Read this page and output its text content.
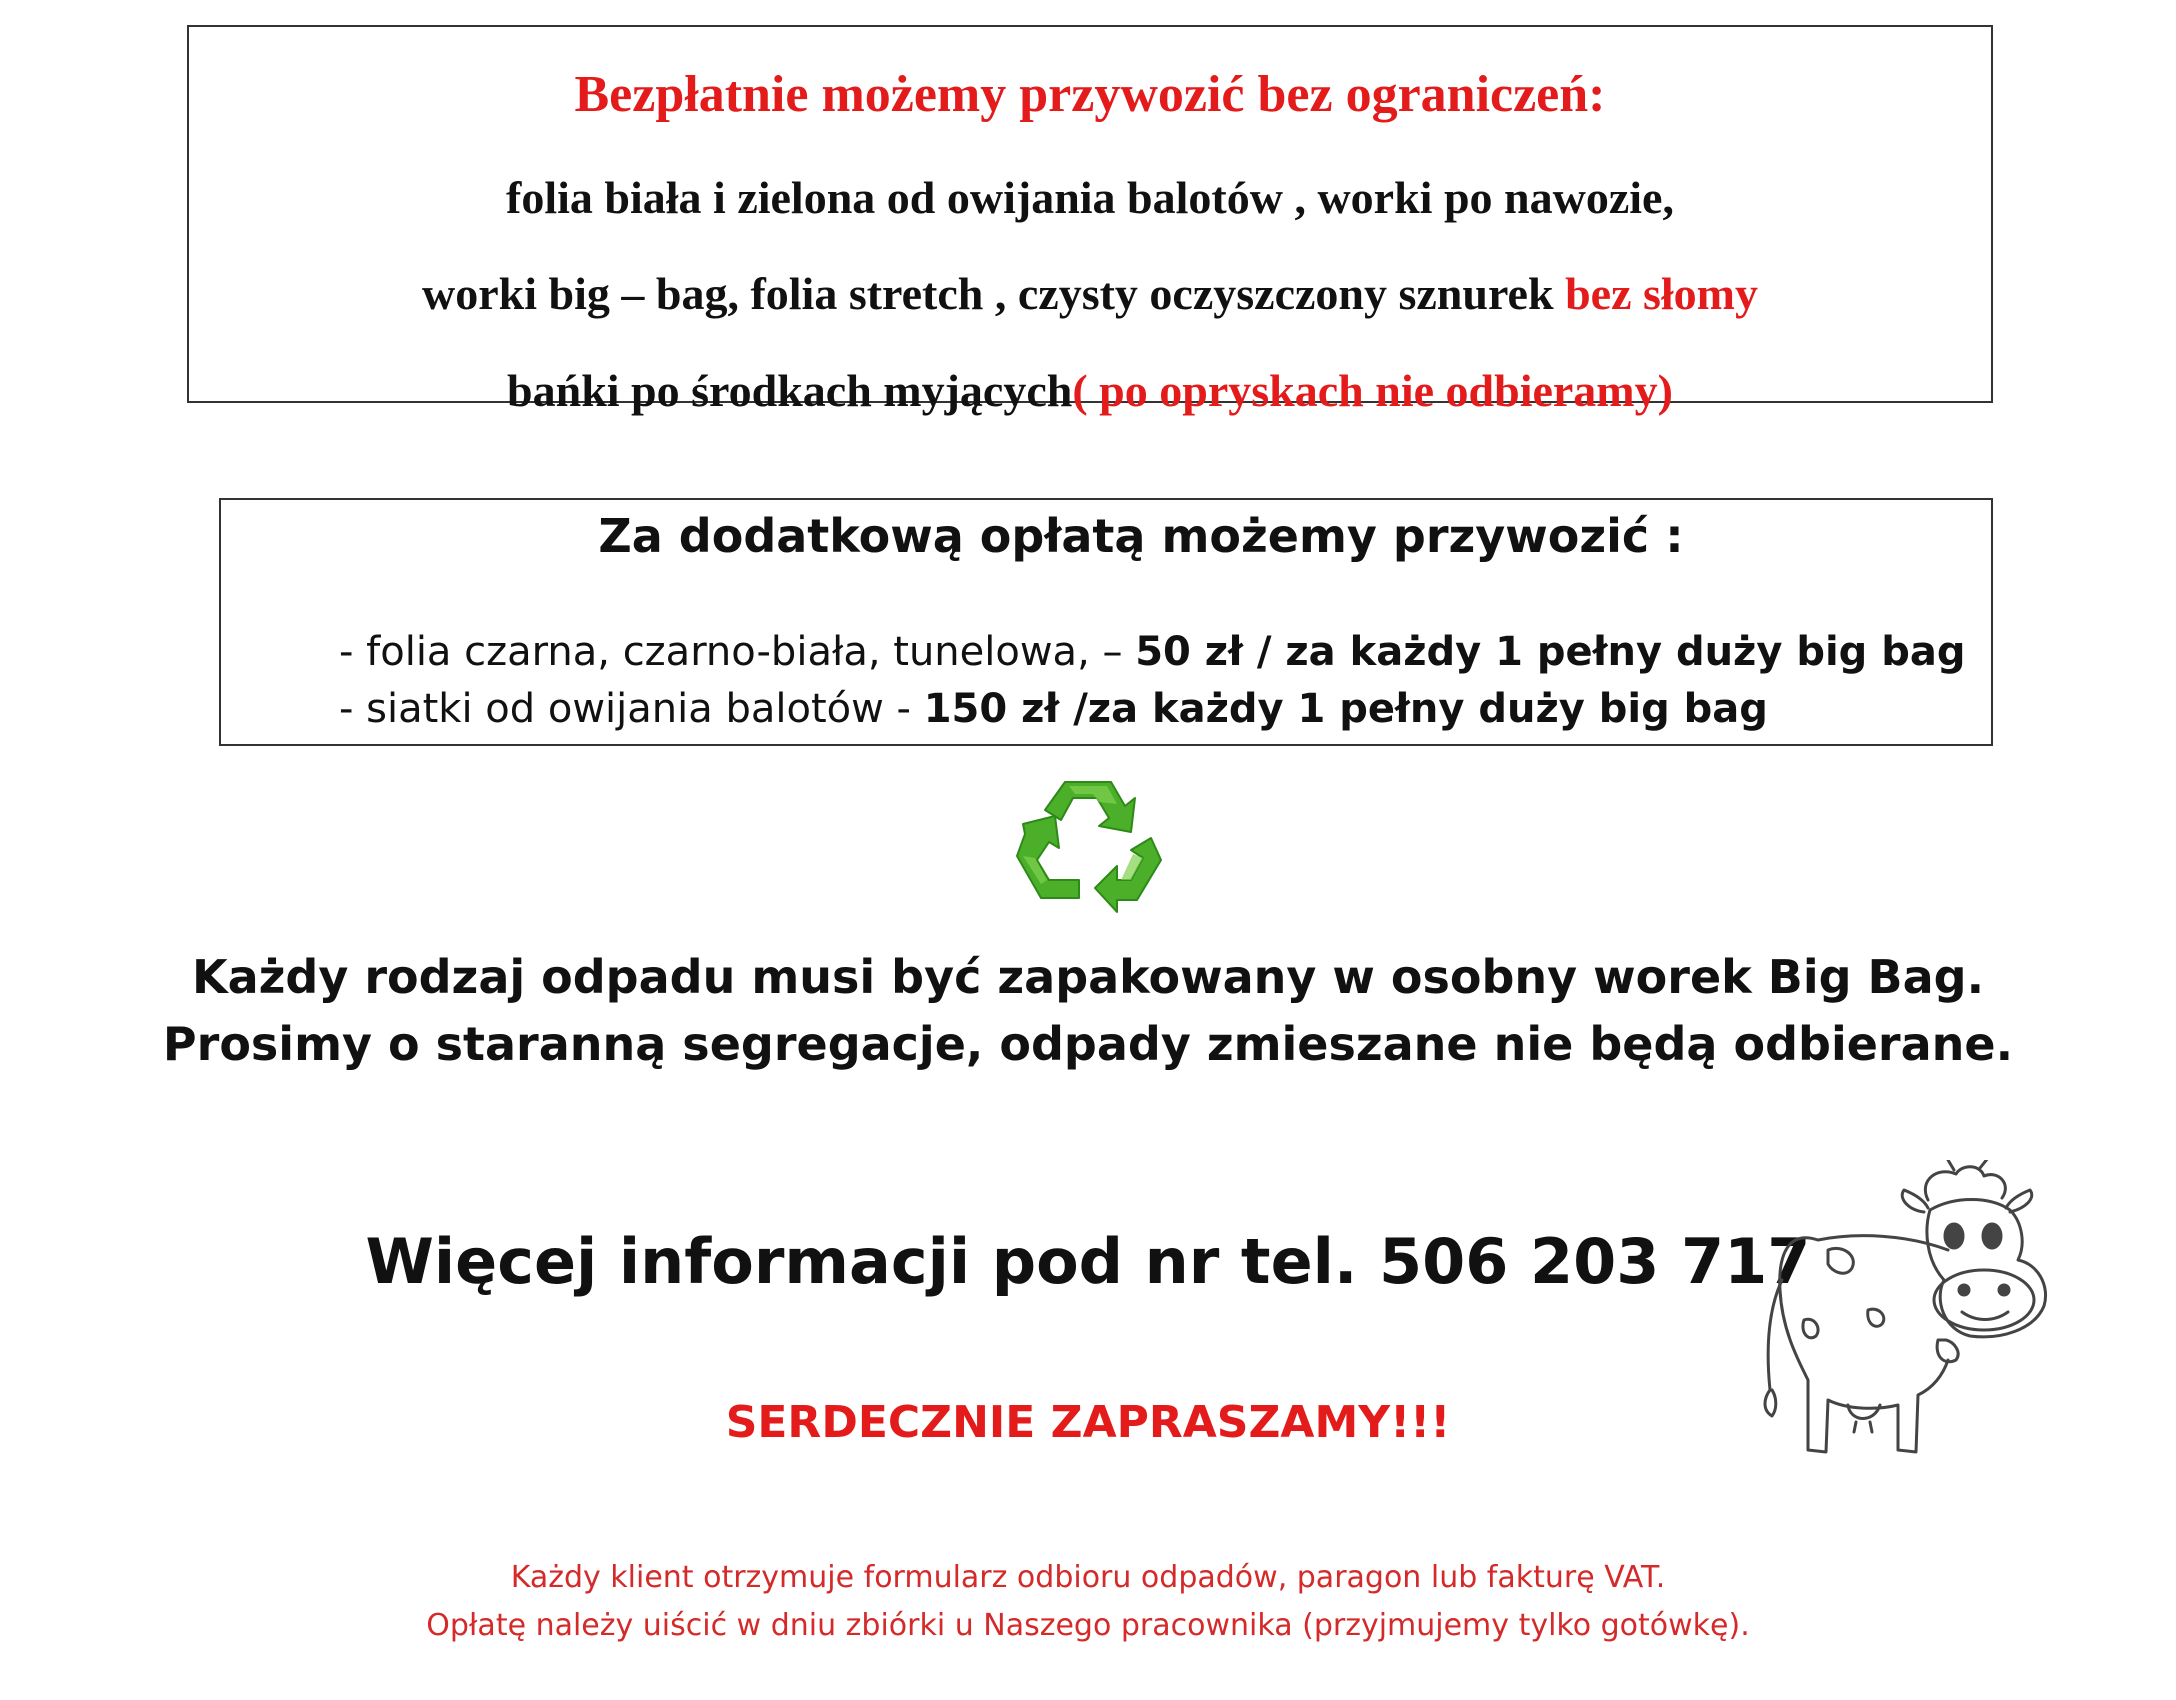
Bezpłatnie możemy przywozić bez ograniczeń:
folia biała i zielona od owijania balotów , worki po nawozie,
worki big – bag, folia stretch , czysty oczyszczony sznurek bez słomy
bańki po środkach myjących( po opryskach nie odbieramy)
Za dodatkową opłatą możemy przywozić :
- folia czarna, czarno-biała, tunelowa, – 50 zł / za każdy 1 pełny duży big bag
- siatki od owijania balotów - 150 zł /za każdy 1 pełny duży big bag
Każdy rodzaj odpadu musi być zapakowany w osobny worek Big Bag.
Prosimy o staranną segregacje, odpady zmieszane nie będą odbierane.
Więcej informacji pod nr tel. 506 203 717
SERDECZNIE ZAPRASZAMY!!!
Każdy klient otrzymuje formularz odbioru odpadów, paragon lub fakturę VAT.
Opłatę należy uiścić w dniu zbiórki u Naszego pracownika (przyjmujemy tylko gotówkę).
